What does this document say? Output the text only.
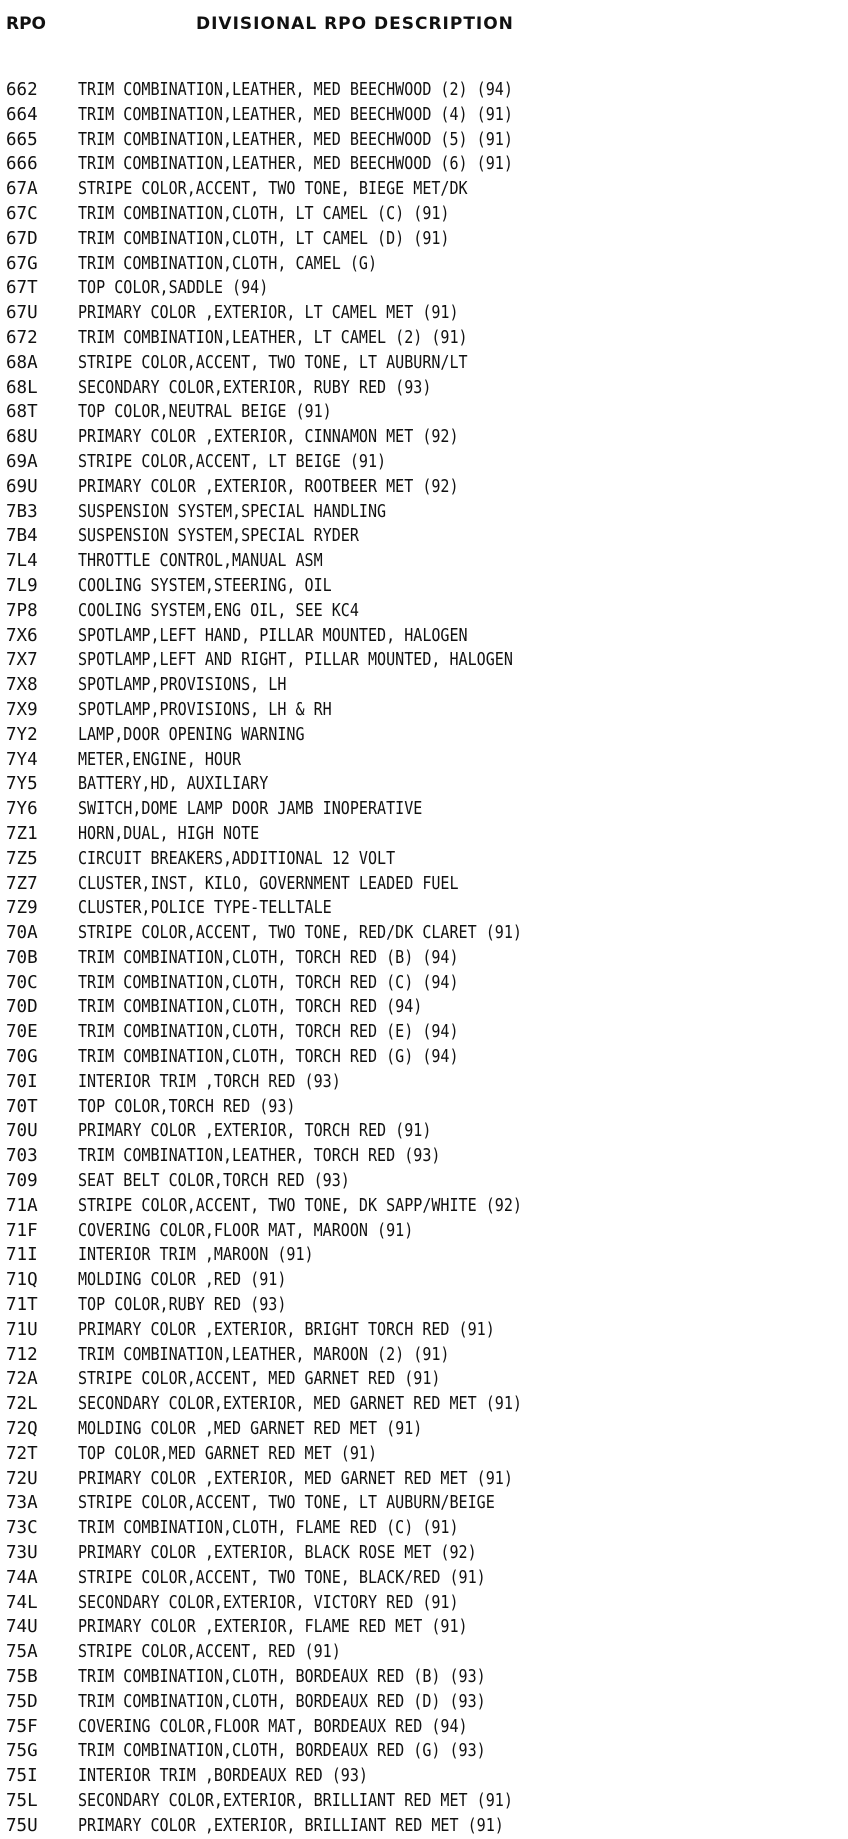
RPO	DIVISIONAL RPO DESCRIPTION
662	TRIM COMBINATION,LEATHER, MED BEECHWOOD (2) (94)
664	TRIM COMBINATION,LEATHER, MED BEECHWOOD (4) (91)
665	TRIM COMBINATION,LEATHER, MED BEECHWOOD (5) (91)
666	TRIM COMBINATION,LEATHER, MED BEECHWOOD (6) (91)
67A	STRIPE COLOR,ACCENT, TWO TONE, BIEGE MET/DK
67C	TRIM COMBINATION,CLOTH, LT CAMEL (C) (91)
67D	TRIM COMBINATION,CLOTH, LT CAMEL (D) (91)
67G	TRIM COMBINATION,CLOTH, CAMEL (G)
67T	TOP COLOR,SADDLE (94)
67U	PRIMARY COLOR ,EXTERIOR, LT CAMEL MET (91)
672	TRIM COMBINATION,LEATHER, LT CAMEL (2) (91)
68A	STRIPE COLOR,ACCENT, TWO TONE, LT AUBURN/LT
68L	SECONDARY COLOR,EXTERIOR, RUBY RED (93)
68T	TOP COLOR,NEUTRAL BEIGE (91)
68U	PRIMARY COLOR ,EXTERIOR, CINNAMON MET (92)
69A	STRIPE COLOR,ACCENT, LT BEIGE (91)
69U	PRIMARY COLOR ,EXTERIOR, ROOTBEER MET (92)
7B3	SUSPENSION SYSTEM,SPECIAL HANDLING
7B4	SUSPENSION SYSTEM,SPECIAL RYDER
7L4	THROTTLE CONTROL,MANUAL ASM
7L9	COOLING SYSTEM,STEERING, OIL
7P8	COOLING SYSTEM,ENG OIL, SEE KC4
7X6	SPOTLAMP,LEFT HAND, PILLAR MOUNTED, HALOGEN
7X7	SPOTLAMP,LEFT AND RIGHT, PILLAR MOUNTED, HALOGEN
7X8	SPOTLAMP,PROVISIONS, LH
7X9	SPOTLAMP,PROVISIONS, LH & RH
7Y2	LAMP,DOOR OPENING WARNING
7Y4	METER,ENGINE, HOUR
7Y5	BATTERY,HD, AUXILIARY
7Y6	SWITCH,DOME LAMP DOOR JAMB INOPERATIVE
7Z1	HORN,DUAL, HIGH NOTE
7Z5	CIRCUIT BREAKERS,ADDITIONAL 12 VOLT
7Z7	CLUSTER,INST, KILO, GOVERNMENT LEADED FUEL
7Z9	CLUSTER,POLICE TYPE-TELLTALE
70A	STRIPE COLOR,ACCENT, TWO TONE, RED/DK CLARET (91)
70B	TRIM COMBINATION,CLOTH, TORCH RED (B) (94)
70C	TRIM COMBINATION,CLOTH, TORCH RED (C) (94)
70D	TRIM COMBINATION,CLOTH, TORCH RED (94)
70E	TRIM COMBINATION,CLOTH, TORCH RED (E) (94)
70G	TRIM COMBINATION,CLOTH, TORCH RED (G) (94)
70I	INTERIOR TRIM ,TORCH RED (93)
70T	TOP COLOR,TORCH RED (93)
70U	PRIMARY COLOR ,EXTERIOR, TORCH RED (91)
703	TRIM COMBINATION,LEATHER, TORCH RED (93)
709	SEAT BELT COLOR,TORCH RED (93)
71A	STRIPE COLOR,ACCENT, TWO TONE, DK SAPP/WHITE (92)
71F	COVERING COLOR,FLOOR MAT, MAROON (91)
71I	INTERIOR TRIM ,MAROON (91)
71Q	MOLDING COLOR ,RED (91)
71T	TOP COLOR,RUBY RED (93)
71U	PRIMARY COLOR ,EXTERIOR, BRIGHT TORCH RED (91)
712	TRIM COMBINATION,LEATHER, MAROON (2) (91)
72A	STRIPE COLOR,ACCENT, MED GARNET RED (91)
72L	SECONDARY COLOR,EXTERIOR, MED GARNET RED MET (91)
72Q	MOLDING COLOR ,MED GARNET RED MET (91)
72T	TOP COLOR,MED GARNET RED MET (91)
72U	PRIMARY COLOR ,EXTERIOR, MED GARNET RED MET (91)
73A	STRIPE COLOR,ACCENT, TWO TONE, LT AUBURN/BEIGE
73C	TRIM COMBINATION,CLOTH, FLAME RED (C) (91)
73U	PRIMARY COLOR ,EXTERIOR, BLACK ROSE MET (92)
74A	STRIPE COLOR,ACCENT, TWO TONE, BLACK/RED (91)
74L	SECONDARY COLOR,EXTERIOR, VICTORY RED (91)
74U	PRIMARY COLOR ,EXTERIOR, FLAME RED MET (91)
75A	STRIPE COLOR,ACCENT, RED (91)
75B	TRIM COMBINATION,CLOTH, BORDEAUX RED (B) (93)
75D	TRIM COMBINATION,CLOTH, BORDEAUX RED (D) (93)
75F	COVERING COLOR,FLOOR MAT, BORDEAUX RED (94)
75G	TRIM COMBINATION,CLOTH, BORDEAUX RED (G) (93)
75I	INTERIOR TRIM ,BORDEAUX RED (93)
75L	SECONDARY COLOR,EXTERIOR, BRILLIANT RED MET (91)
75U	PRIMARY COLOR ,EXTERIOR, BRILLIANT RED MET (91)
